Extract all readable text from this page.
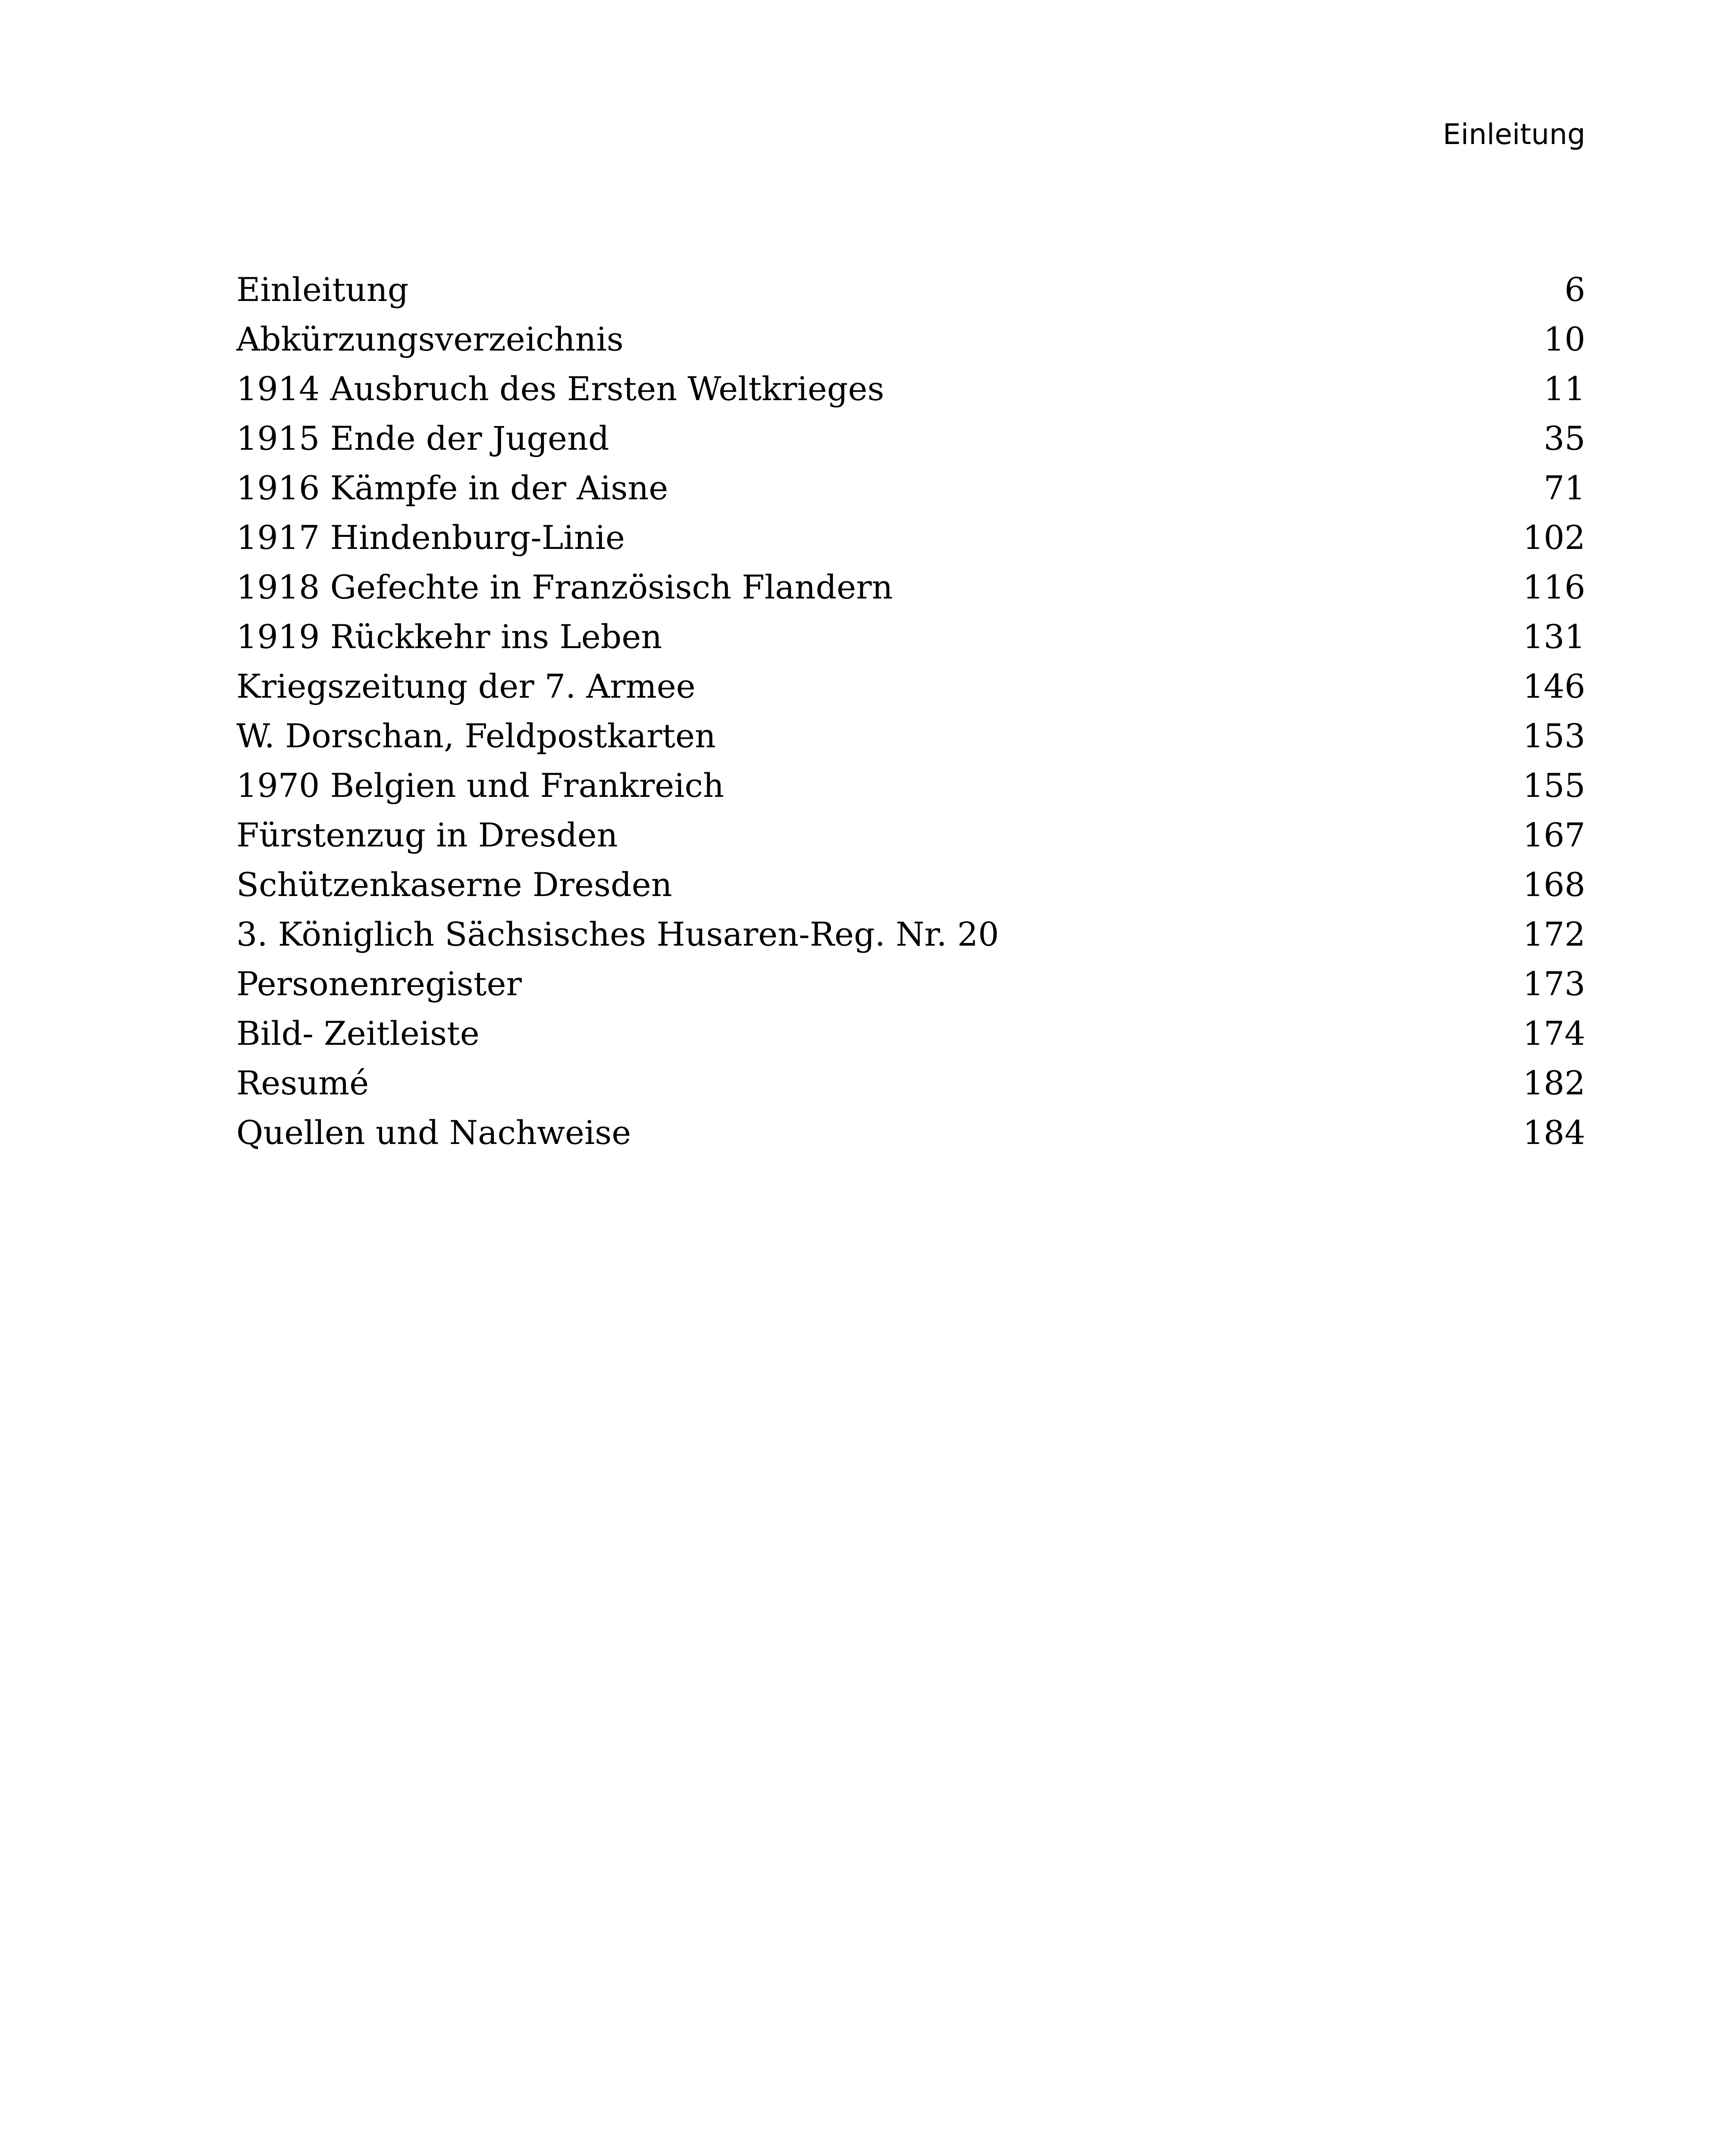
Einleitung
Einleitung	6
Abkürzungsverzeichnis	10
1914 Ausbruch des Ersten Weltkrieges	11
1915 Ende der Jugend	35
1916 Kämpfe in der Aisne	71
1917 Hindenburg-Linie	102
1918 Gefechte in Französisch Flandern	116
1919 Rückkehr ins Leben	131
Kriegszeitung der 7. Armee	146
W. Dorschan, Feldpostkarten	153
1970 Belgien und Frankreich	155
Fürstenzug in Dresden	167
Schützenkaserne Dresden	168
3. Königlich Sächsisches Husaren-Reg. Nr. 20	172
Personenregister	173
Bild- Zeitleiste	174
Resumé	182
Quellen und Nachweise	184
